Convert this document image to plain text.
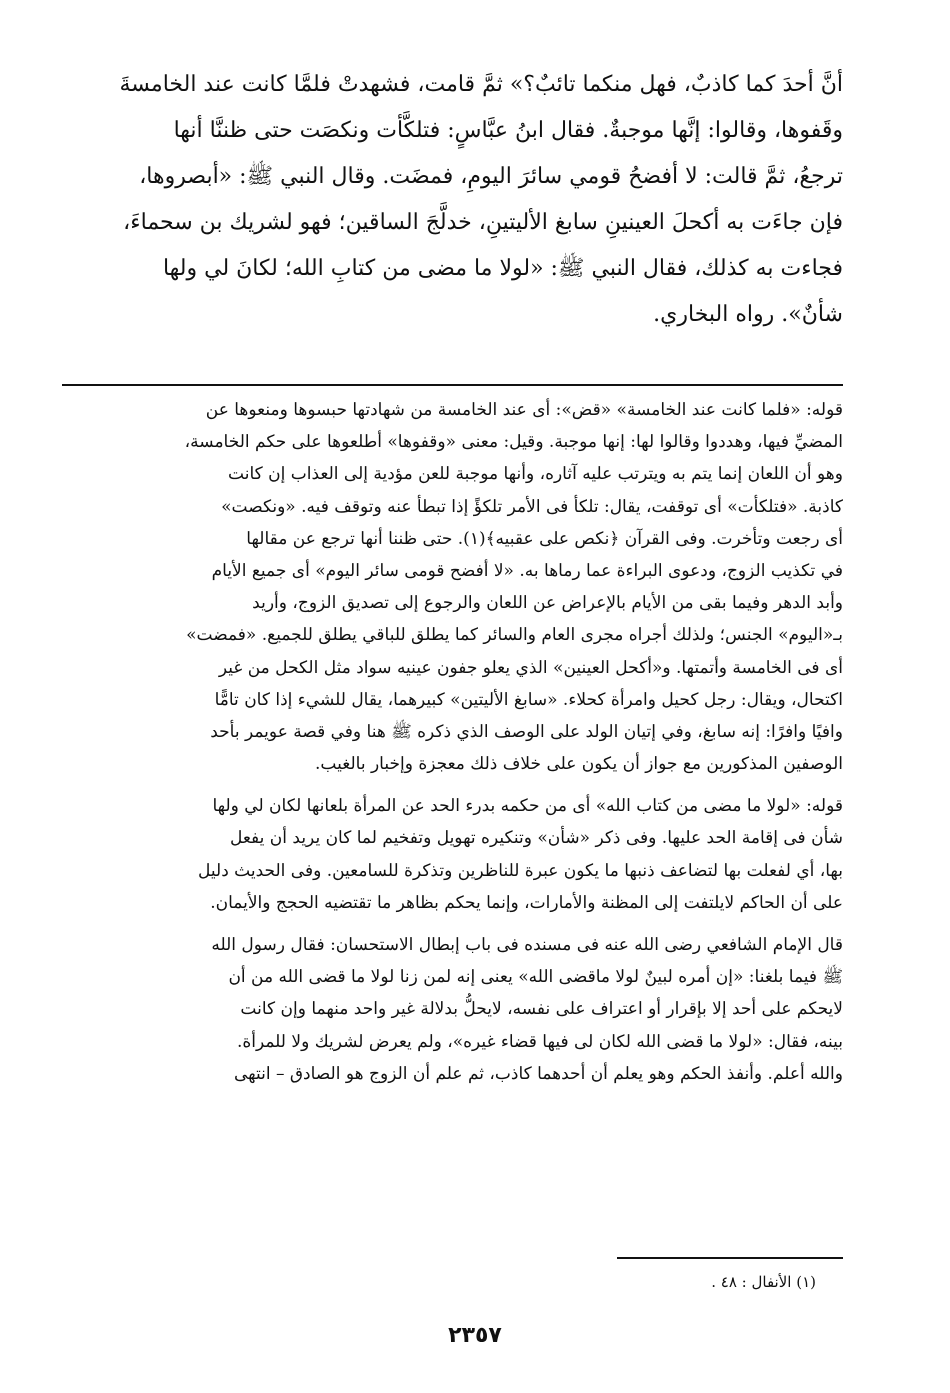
أنَّ أحدَ كما كاذبٌ، فهل منكما تائبٌ؟» ثمَّ قامت، فشهدتْ فلمَّا كانت عند الخامسةَ
وقَفوها، وقالوا: إنَّها موجبةٌ. فقال ابنُ عبَّاسٍ: فتلكَّأت ونكصَت حتى ظننَّا أنها
ترجعُ، ثمَّ قالت: لا أفضحُ قومي سائرَ اليومِ، فمضَت. وقال النبي ﷺ: «أبصروها،
فإن جاءَت به أكحلَ العينينِ سابغ الأليتينِ، خدلَّجَ الساقين؛ فهو لشريك بن سحماءَ،
فجاءت به كذلك، فقال النبي ﷺ: «لولا ما مضى من كتابِ الله؛ لكانَ لي ولها
شأنٌ». رواه البخاري.
قوله: «فلما كانت عند الخامسة» «قض»: أى عند الخامسة من شهادتها حبسوها ومنعوها عن
المضيِّ فيها، وهددوا وقالوا لها: إنها موجبة. وقيل: معنى «وقفوها» أطلعوها على حكم الخامسة،
وهو أن اللعان إنما يتم به ويترتب عليه آثاره، وأنها موجبة للعن مؤدية إلى العذاب إن كانت
كاذبة. «فتلكأت» أى توقفت، يقال: تلكأ فى الأمر تلكؤً إذا تبطأ عنه وتوقف فيه. «ونكصت»
أى رجعت وتأخرت. وفى القرآن ﴿نكص على عقبيه﴾(١). حتى ظننا أنها ترجع عن مقالها
في تكذيب الزوج، ودعوى البراءة عما رماها به. «لا أفضح قومى سائر اليوم» أى جميع الأيام
وأبد الدهر وفيما بقى من الأيام بالإعراض عن اللعان والرجوع إلى تصديق الزوج، وأريد
بـ«اليوم» الجنس؛ ولذلك أجراه مجرى العام والسائر كما يطلق للباقي يطلق للجميع. «فمضت»
أى فى الخامسة وأتمتها. و«أكحل العينين» الذي يعلو جفون عينيه سواد مثل الكحل من غير
اكتحال، ويقال: رجل كحيل وامرأة كحلاء. «سابغ الأليتين» كبيرهما، يقال للشيء إذا كان تامًّا
وافيًا وافرًا: إنه سابغ، وفي إتيان الولد على الوصف الذي ذكره ﷺ هنا وفي قصة عويمر بأحد
الوصفين المذكورين مع جواز أن يكون على خلاف ذلك معجزة وإخبار بالغيب.
قوله: «لولا ما مضى من كتاب الله» أى من حكمه بدرء الحد عن المرأة بلعانها لكان لي ولها
شأن فى إقامة الحد عليها. وفى ذكر «شأن» وتنكيره تهويل وتفخيم لما كان يريد أن يفعل
بها، أي لفعلت بها لتضاعف ذنبها ما يكون عبرة للناظرين وتذكرة للسامعين. وفى الحديث دليل
على أن الحاكم لايلتفت إلى المظنة والأمارات، وإنما يحكم بظاهر ما تقتضيه الحجج والأيمان.
قال الإمام الشافعي رضى الله عنه فى مسنده فى باب إبطال الاستحسان: فقال رسول الله
ﷺ فيما بلغنا: «إن أمره لبينٌ لولا ماقضى الله» يعنى إنه لمن زنا لولا ما قضى الله من أن
لايحكم على أحد إلا بإقرار أو اعتراف على نفسه، لايحلُّ بدلالة غير واحد منهما وإن كانت
بينه، فقال: «لولا ما قضى الله لكان لى فيها قضاء غيره»، ولم يعرض لشريك ولا للمرأة.
والله أعلم. وأنفذ الحكم وهو يعلم أن أحدهما كاذب، ثم علم أن الزوج هو الصادق – انتهى
(١) الأنفال : ٤٨ .
٢٣٥٧
